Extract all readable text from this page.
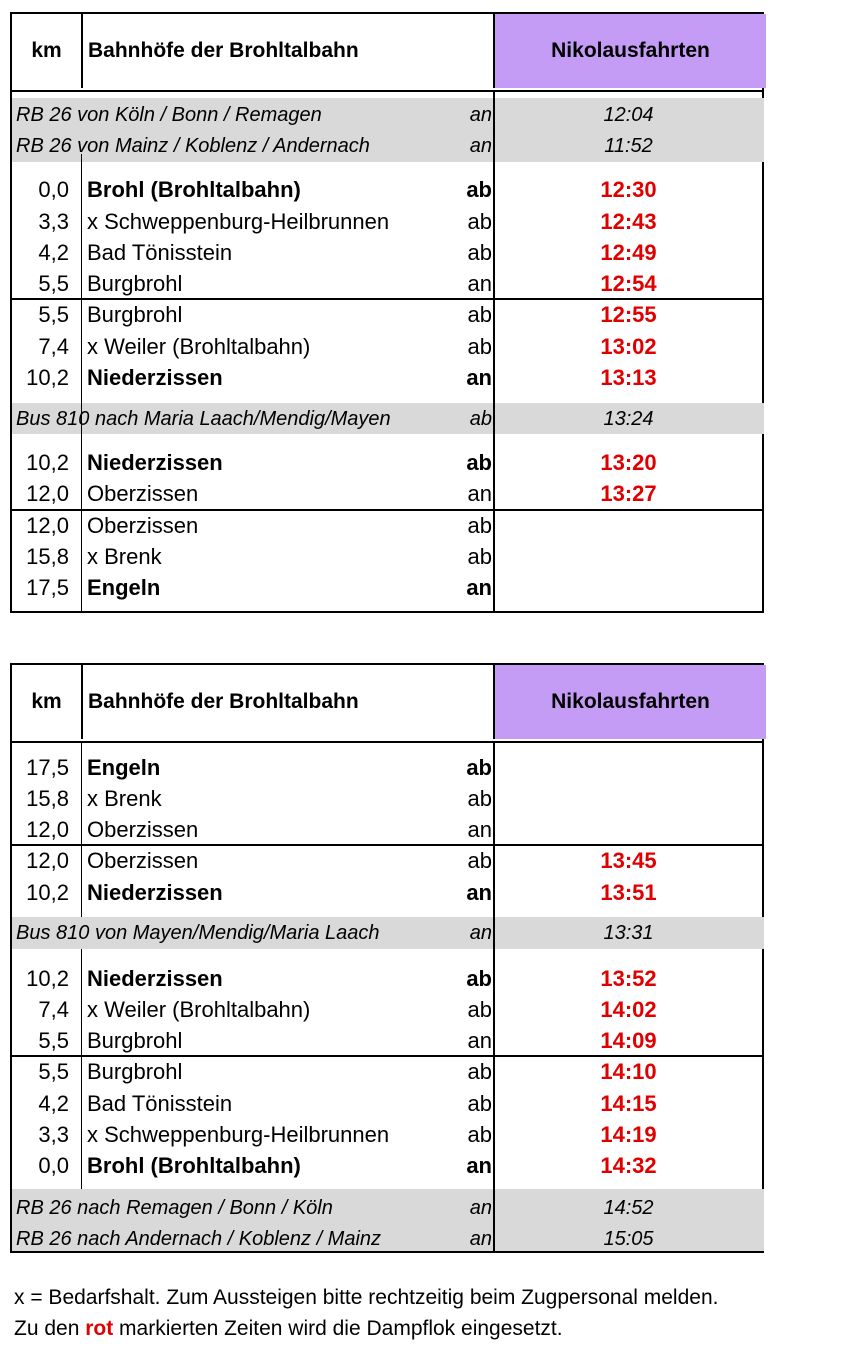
km	Bahnhöfe der Brohltalbahn	Nikolausfahrten
RB 26 von Köln / Bonn / Remagen	an	12:04
RB 26 von Mainz / Koblenz / Andernach	an	11:52
0,0 Brohl (Brohltalbahn)	ab	12:30
3,3 x Schweppenburg-Heilbrunnen	ab	12:43
4,2 Bad Tönisstein	ab	12:49
5,5 Burgbrohl	an	12:54
5,5 Burgbrohl	ab	12:55
7,4 x Weiler (Brohltalbahn)	ab	13:02
10,2 Niederzissen	an	13:13
Bus 810 nach Maria Laach/Mendig/Mayen	ab	13:24
10,2 Niederzissen	ab	13:20
12,0 Oberzissen	an	13:27
12,0 Oberzissen	ab
15,8 x Brenk	ab
17,5 Engeln	an
km	Bahnhöfe der Brohltalbahn	Nikolausfahrten
17,5 Engeln	ab
15,8 x Brenk	ab
12,0 Oberzissen	an
12,0 Oberzissen	ab	13:45
10,2 Niederzissen	an	13:51
Bus 810 von Mayen/Mendig/Maria Laach	an	13:31
10,2 Niederzissen	ab	13:52
7,4 x Weiler (Brohltalbahn)	ab	14:02
5,5 Burgbrohl	an	14:09
5,5 Burgbrohl	ab	14:10
4,2 Bad Tönisstein	ab	14:15
3,3 x Schweppenburg-Heilbrunnen	ab	14:19
0,0 Brohl (Brohltalbahn)	an	14:32
RB 26 nach Remagen / Bonn / Köln	an	14:52
RB 26 nach Andernach / Koblenz / Mainz	an	15:05
x = Bedarfshalt. Zum Aussteigen bitte rechtzeitig beim Zugpersonal melden.
Zu den rot markierten Zeiten wird die Dampflok eingesetzt.
